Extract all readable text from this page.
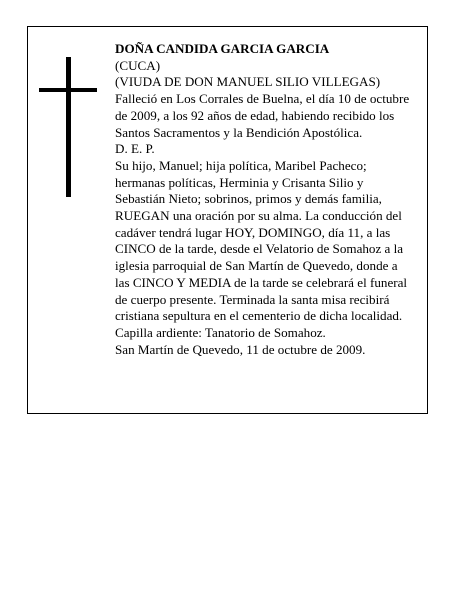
DOÑA CANDIDA GARCIA GARCIA
(CUCA)
(VIUDA DE DON MANUEL SILIO VILLEGAS)
Falleció en Los Corrales de Buelna, el día 10 de octubre
de 2009, a los 92 años de edad, habiendo recibido los
Santos Sacramentos y la Bendición Apostólica.
D. E. P.
Su hijo, Manuel; hija política, Maribel Pacheco;
hermanas políticas, Herminia y Crisanta Silio y
Sebastián Nieto; sobrinos, primos y demás familia,
RUEGAN una oración por su alma. La conducción del
cadáver tendrá lugar HOY, DOMINGO, día 11, a las
CINCO de la tarde, desde el Velatorio de Somahoz a la
iglesia parroquial de San Martín de Quevedo, donde a
las CINCO Y MEDIA de la tarde se celebrará el funeral
de cuerpo presente. Terminada la santa misa recibirá
cristiana sepultura en el cementerio de dicha localidad.
Capilla ardiente: Tanatorio de Somahoz.
San Martín de Quevedo, 11 de octubre de 2009.
